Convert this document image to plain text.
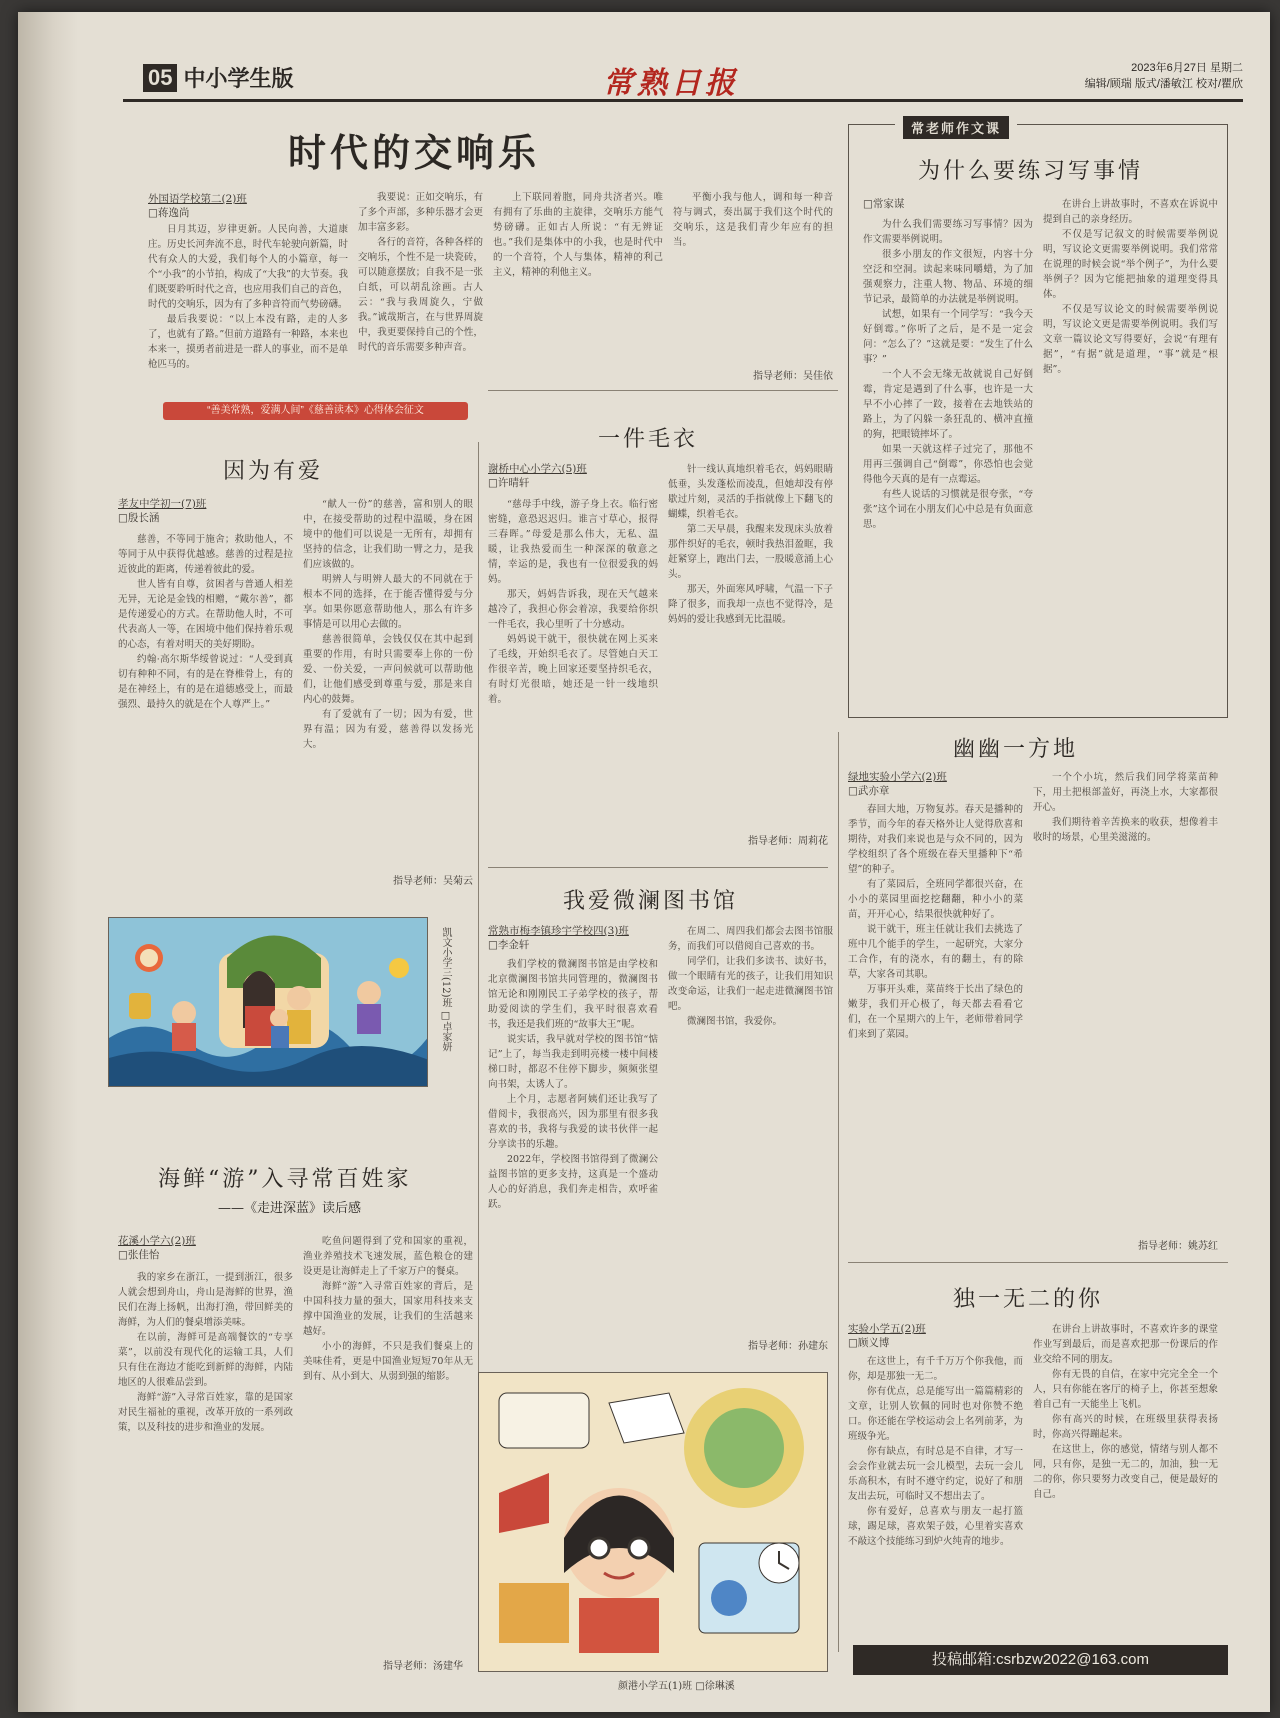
05 中小学生版	常熟日报	2023年6月27日 星期二
编辑/顾瑞 版式/潘敏江 校对/瞿欣
时代的交响乐
外国语学校第二(2)班
□蒋逸尚

日月其迈，岁律更新。人民向善，大道康庄。历史长河奔流不息，时代车轮驶向新篇，时代有众人的大爱，我们每个人的小篇章，每一个“小我”的小节拍，构成了“大我”的大节奏。我们既要聆听时代之音，也应用我们自己的音色，时代的交响乐，因为有了多种音符而气势磅礴。

最后我要说：“以上本没有路，走的人多了，也就有了路。”但前方道路有一种路，本来也本来一，摸勇者前进是一群人的事业，而不是单枪匹马的。

我要说：正如交响乐，有了多个声部，多种乐器才会更加丰富多彩。

各行的音符，各种各样的交响乐，个性不是一块瓷砖，可以随意摆放；自我不是一张白纸，可以胡乱涂画。古人云：“我与我周旋久，宁做我。”诚哉斯言，在与世界周旋中，我更要保持自己的个性，时代的音乐需要多种声音。

上下联同着胞，同舟共济者兴。唯有拥有了乐曲的主旋律，交响乐方能气势磅礴。正如古人所说：“有无辨证也。”我们是集体中的小我，也是时代中的一个音符，个人与集体，精神的利己主义，精神的利他主义。

平衡小我与他人，调和每一种音符与调式，奏出属于我们这个时代的交响乐，这是我们青少年应有的担当。

指导老师：吴佳依
常老师作文课
为什么要练习写事情
□常家谋

为什么我们需要练习写事情？因为作文需要举例说明。

很多小朋友的作文很短，内容十分空泛和空洞。读起来味同嚼蜡，为了加强观察力，注重人物、物品、环境的细节记录，最简单的办法就是举例说明。

试想，如果有一个同学写：“我今天好倒霉。”你听了之后，是不是一定会问：“怎么了？”这就是要：“发生了什么事？”

一个人不会无缘无故就说自己好倒霉，肯定是遇到了什么事，也许是一大早不小心摔了一跤，接着在去地铁站的路上，为了闪躲一条狂乱的、横冲直撞的狗，把眼镜摔坏了。

如果一天就这样子过完了，那他不用再三强调自己“倒霉”，你恐怕也会觉得他今天真的是有一点霉运。

有些人说话的习惯就是很夸张，“夸张”这个词在小朋友们心中总是有负面意思。

在讲台上讲故事时，不喜欢在诉说中提到自己的亲身经历。

不仅是写记叙文的时候需要举例说明，写议论文更需要举例说明。我们常常在说理的时候会说“举个例子”，为什么要举例子？因为它能把抽象的道理变得具体。

不仅是写议论文的时候需要举例说明，写议论文更是需要举例说明。我们写文章一篇议论文写得要好，会说“有理有据”，“有据”就是道理，“事”就是“根据”。

“善美常熟，爱满人间”《慈善读本》心得体会征文
因为有爱
孝友中学初一(7)班
□殷长涵

慈善，不等同于施舍；救助他人，不等同于从中获得优越感。慈善的过程是拉近彼此的距离，传递着彼此的爱。

世人皆有自尊，贫困者与普通人相差无异，无论是金钱的相赠，“戴尔善”，都是传递爱心的方式。在帮助他人时，不可代表高人一等，在困境中他们保持着乐观的心态，有着对明天的美好期盼。

约翰·高尔斯华绥曾说过：“人受到真切有种种不同，有的是在脊椎骨上，有的是在神经上，有的是在道德感受上，而最强烈、最持久的就是在个人尊严上。”

“献人一份”的慈善，富和别人的眼中，在接受帮助的过程中温暖，身在困境中的他们可以说是一无所有，却拥有坚持的信念，让我们助一臂之力，是我们应该做的。

明辨人与明辨人最大的不同就在于根本不同的选择，在于能否懂得爱与分享。如果你愿意帮助他人，那么有许多事情是可以用心去做的。

慈善很简单，会钱仅仅在其中起到重要的作用，有时只需要奉上你的一份爱、一份关爱，一声问候就可以帮助他们，让他们感受到尊重与爱，那是来自内心的鼓舞。

有了爱就有了一切；因为有爱，世界有温；因为有爱，慈善得以发扬光大。

指导老师：吴菊云
凯文小学三(12)班 □卓家妍
海鲜“游”入寻常百姓家
——《走进深蓝》读后感
花溪小学六(2)班
□张佳怡

我的家乡在浙江，一提到浙江，很多人就会想到舟山，舟山是海鲜的世界，渔民们在海上扬帆，出海打渔，带回鲜美的海鲜，为人们的餐桌增添美味。

在以前，海鲜可是高端餐饮的“专享菜”，以前没有现代化的运输工具，人们只有住在海边才能吃到新鲜的海鲜，内陆地区的人很难品尝到。

海鲜“游”入寻常百姓家，靠的是国家对民生福祉的重视，改革开放的一系列政策，以及科技的进步和渔业的发展。

吃鱼问题得到了党和国家的重视，渔业养殖技术飞速发展，蓝色粮仓的建设更是让海鲜走上了千家万户的餐桌。

海鲜“游”入寻常百姓家的背后，是中国科技力量的强大，国家用科技来支撑中国渔业的发展，让我们的生活越来越好。

小小的海鲜，不只是我们餐桌上的美味佳肴，更是中国渔业短短70年从无到有、从小到大、从弱到强的缩影。

指导老师：汤建华
一件毛衣
谢桥中心小学六(5)班
□许晴轩

“慈母手中线，游子身上衣。临行密密缝，意恐迟迟归。谁言寸草心，报得三春晖。”母爱是那么伟大，无私、温暖，让我热爱而生一种深深的敬意之情，幸运的是，我也有一位很爱我的妈妈。

那天，妈妈告诉我，现在天气越来越冷了，我担心你会着凉，我要给你织一件毛衣，我心里听了十分感动。

妈妈说干就干，很快就在网上买来了毛线，开始织毛衣了。尽管她白天工作很辛苦，晚上回家还要坚持织毛衣，有时灯光很暗，她还是一针一线地织着。

针一线认真地织着毛衣，妈妈眼睛低垂，头发蓬松而凌乱，但她却没有停歇过片刻，灵活的手指就像上下翻飞的蝴蝶，织着毛衣。

第二天早晨，我醒来发现床头放着那件织好的毛衣，顿时我热泪盈眶，我赶紧穿上，跑出门去，一股暖意涌上心头。

那天，外面寒风呼啸，气温一下子降了很多，而我却一点也不觉得冷，是妈妈的爱让我感到无比温暖。

指导老师：周莉花
我爱微澜图书馆
常熟市梅李镇珍宇学校四(3)班
□李金轩

我们学校的微澜图书馆是由学校和北京微澜图书馆共同管理的，微澜图书馆无论和刚刚民工子弟学校的孩子，帮助爱阅读的学生们，我平时很喜欢看书，我还是我们班的“故事大王”呢。

说实话，我早就对学校的图书馆“惦记”上了，每当我走到明亮楼一楼中间楼梯口时，都忍不住停下脚步，频频张望向书架，太诱人了。

上个月，志愿者阿姨们还让我写了借阅卡，我很高兴，因为那里有很多我喜欢的书，我将与我爱的读书伙伴一起分享读书的乐趣。

2022年，学校图书馆得到了微澜公益图书馆的更多支持，这真是一个盛动人心的好消息，我们奔走相告，欢呼雀跃。

在周二、周四我们都会去图书馆服务，而我们可以借阅自己喜欢的书。

同学们，让我们多读书、读好书，做一个眼睛有光的孩子，让我们用知识改变命运，让我们一起走进微澜图书馆吧。

微澜图书馆，我爱你。

指导老师：孙建东
颜港小学五(1)班 □徐琳溪
幽幽一方地
绿地实验小学六(2)班
□武亦章

春回大地，万物复苏。春天是播种的季节，而今年的春天格外让人觉得欣喜和期待，对我们来说也是与众不同的，因为学校组织了各个班级在春天里播种下“希望”的种子。

有了菜园后，全班同学都很兴奋，在小小的菜园里面挖挖翻翻，种小小的菜苗，开开心心，结果很快就种好了。

说干就干，班主任就让我们去挑选了班中几个能手的学生，一起研究，大家分工合作，有的浇水，有的翻土，有的除草，大家各司其职。

万事开头难，菜苗终于长出了绿色的嫩芽，我们开心极了，每天都去看看它们，在一个星期六的上午，老师带着同学们来到了菜园。

一个个小坑，然后我们同学将菜苗种下，用土把根部盖好，再浇上水，大家都很开心。

我们期待着辛苦换来的收获，想像着丰收时的场景，心里美滋滋的。

指导老师：姚苏红
独一无二的你
实验小学五(2)班
□顾义博

在这世上，有千千万万个你我他，而你，却是那独一无二。

你有优点，总是能写出一篇篇精彩的文章，让别人钦佩的同时也对你赞不绝口。你还能在学校运动会上名列前茅，为班级争光。

你有缺点，有时总是不自律，才写一会会作业就去玩一会儿模型，去玩一会儿乐高积木，有时不遵守约定，说好了和朋友出去玩，可临时又不想出去了。

你有爱好，总喜欢与朋友一起打篮球，踢足球，喜欢架子鼓，心里着实喜欢不敲这个技能练习到炉火纯青的地步。

在讲台上讲故事时，不喜欢许多的课堂作业写到最后，而是喜欢把那一份课后的作业交给不同的朋友。

你有无畏的自信，在家中完完全全一个人，只有你能在客厅的椅子上，你甚至想象着自己有一天能坐上飞机。

你有高兴的时候，在班级里获得表扬时，你高兴得蹦起来。

在这世上，你的感觉，情绪与别人都不同，只有你，是独一无二的，加油，独一无二的你，你只要努力改变自己，便是最好的自己。

投稿邮箱:csrbzw2022@163.com
